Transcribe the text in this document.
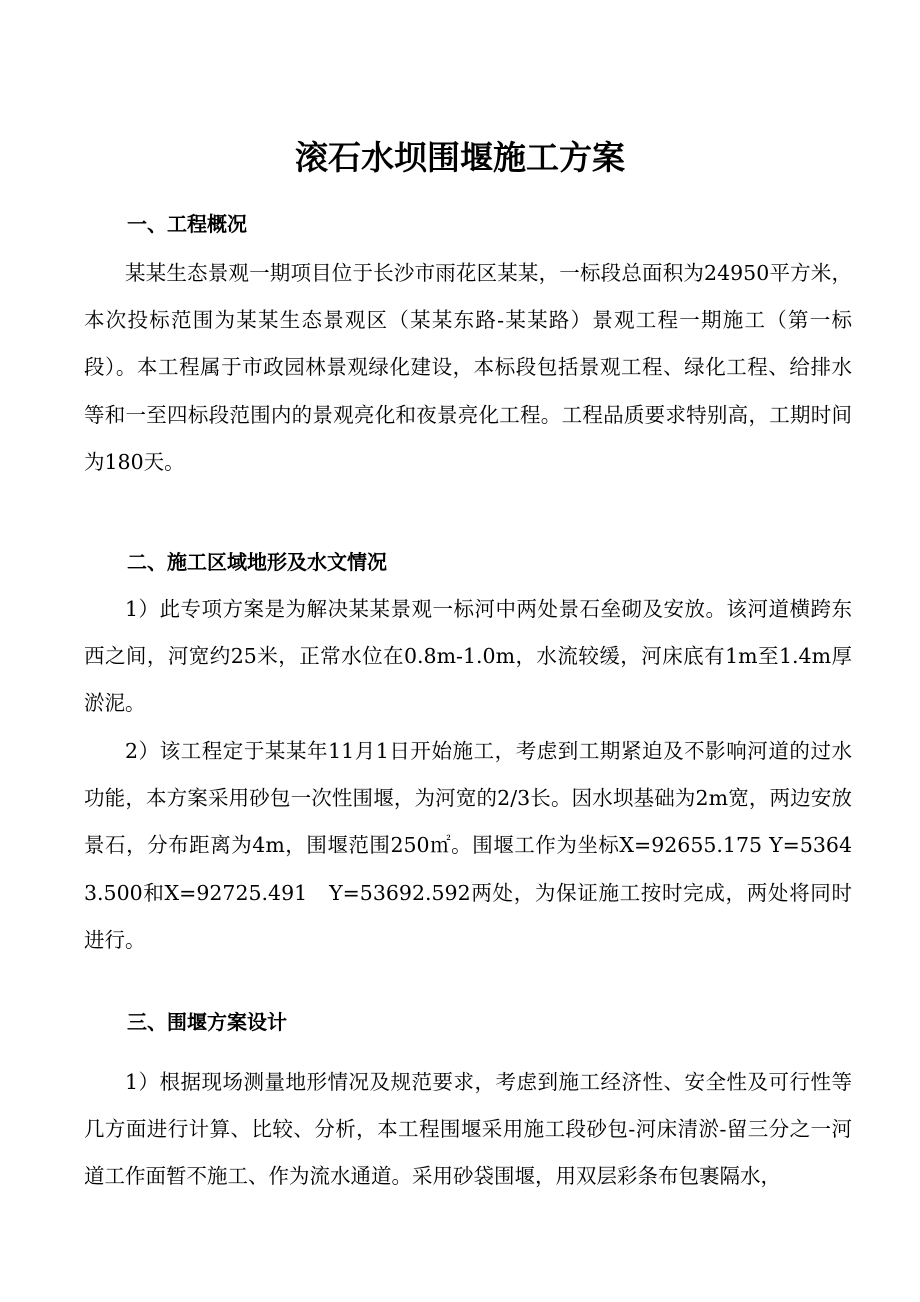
滚石水坝围堰施工方案
一、工程概况

某某生态景观一期项目位于长沙市雨花区某某，一标段总面积为24950平方米，本次投标范围为某某生态景观区（某某东路-某某路）景观工程一期施工（第一标段）。本工程属于市政园林景观绿化建设，本标段包括景观工程、绿化工程、给排水等和一至四标段范围内的景观亮化和夜景亮化工程。工程品质要求特别高，工期时间为180天。

二、施工区域地形及水文情况

1）此专项方案是为解决某某景观一标河中两处景石垒砌及安放。该河道横跨东西之间，河宽约25米，正常水位在0.8m-1.0m，水流较缓，河床底有1m至1.4m厚淤泥。

2）该工程定于某某年11月1日开始施工，考虑到工期紧迫及不影响河道的过水功能，本方案采用砂包一次性围堰，为河宽的2/3长。因水坝基础为2m宽，两边安放景石，分布距离为4m，围堰范围250㎡。围堰工作为坐标X=92655.175 Y=53643.500和X=92725.491　Y=53692.592两处，为保证施工按时完成，两处将同时进行。

三、围堰方案设计

1）根据现场测量地形情况及规范要求，考虑到施工经济性、安全性及可行性等几方面进行计算、比较、分析，本工程围堰采用施工段砂包-河床清淤-留三分之一河道工作面暂不施工、作为流水通道。采用砂袋围堰，用双层彩条布包裹隔水，
